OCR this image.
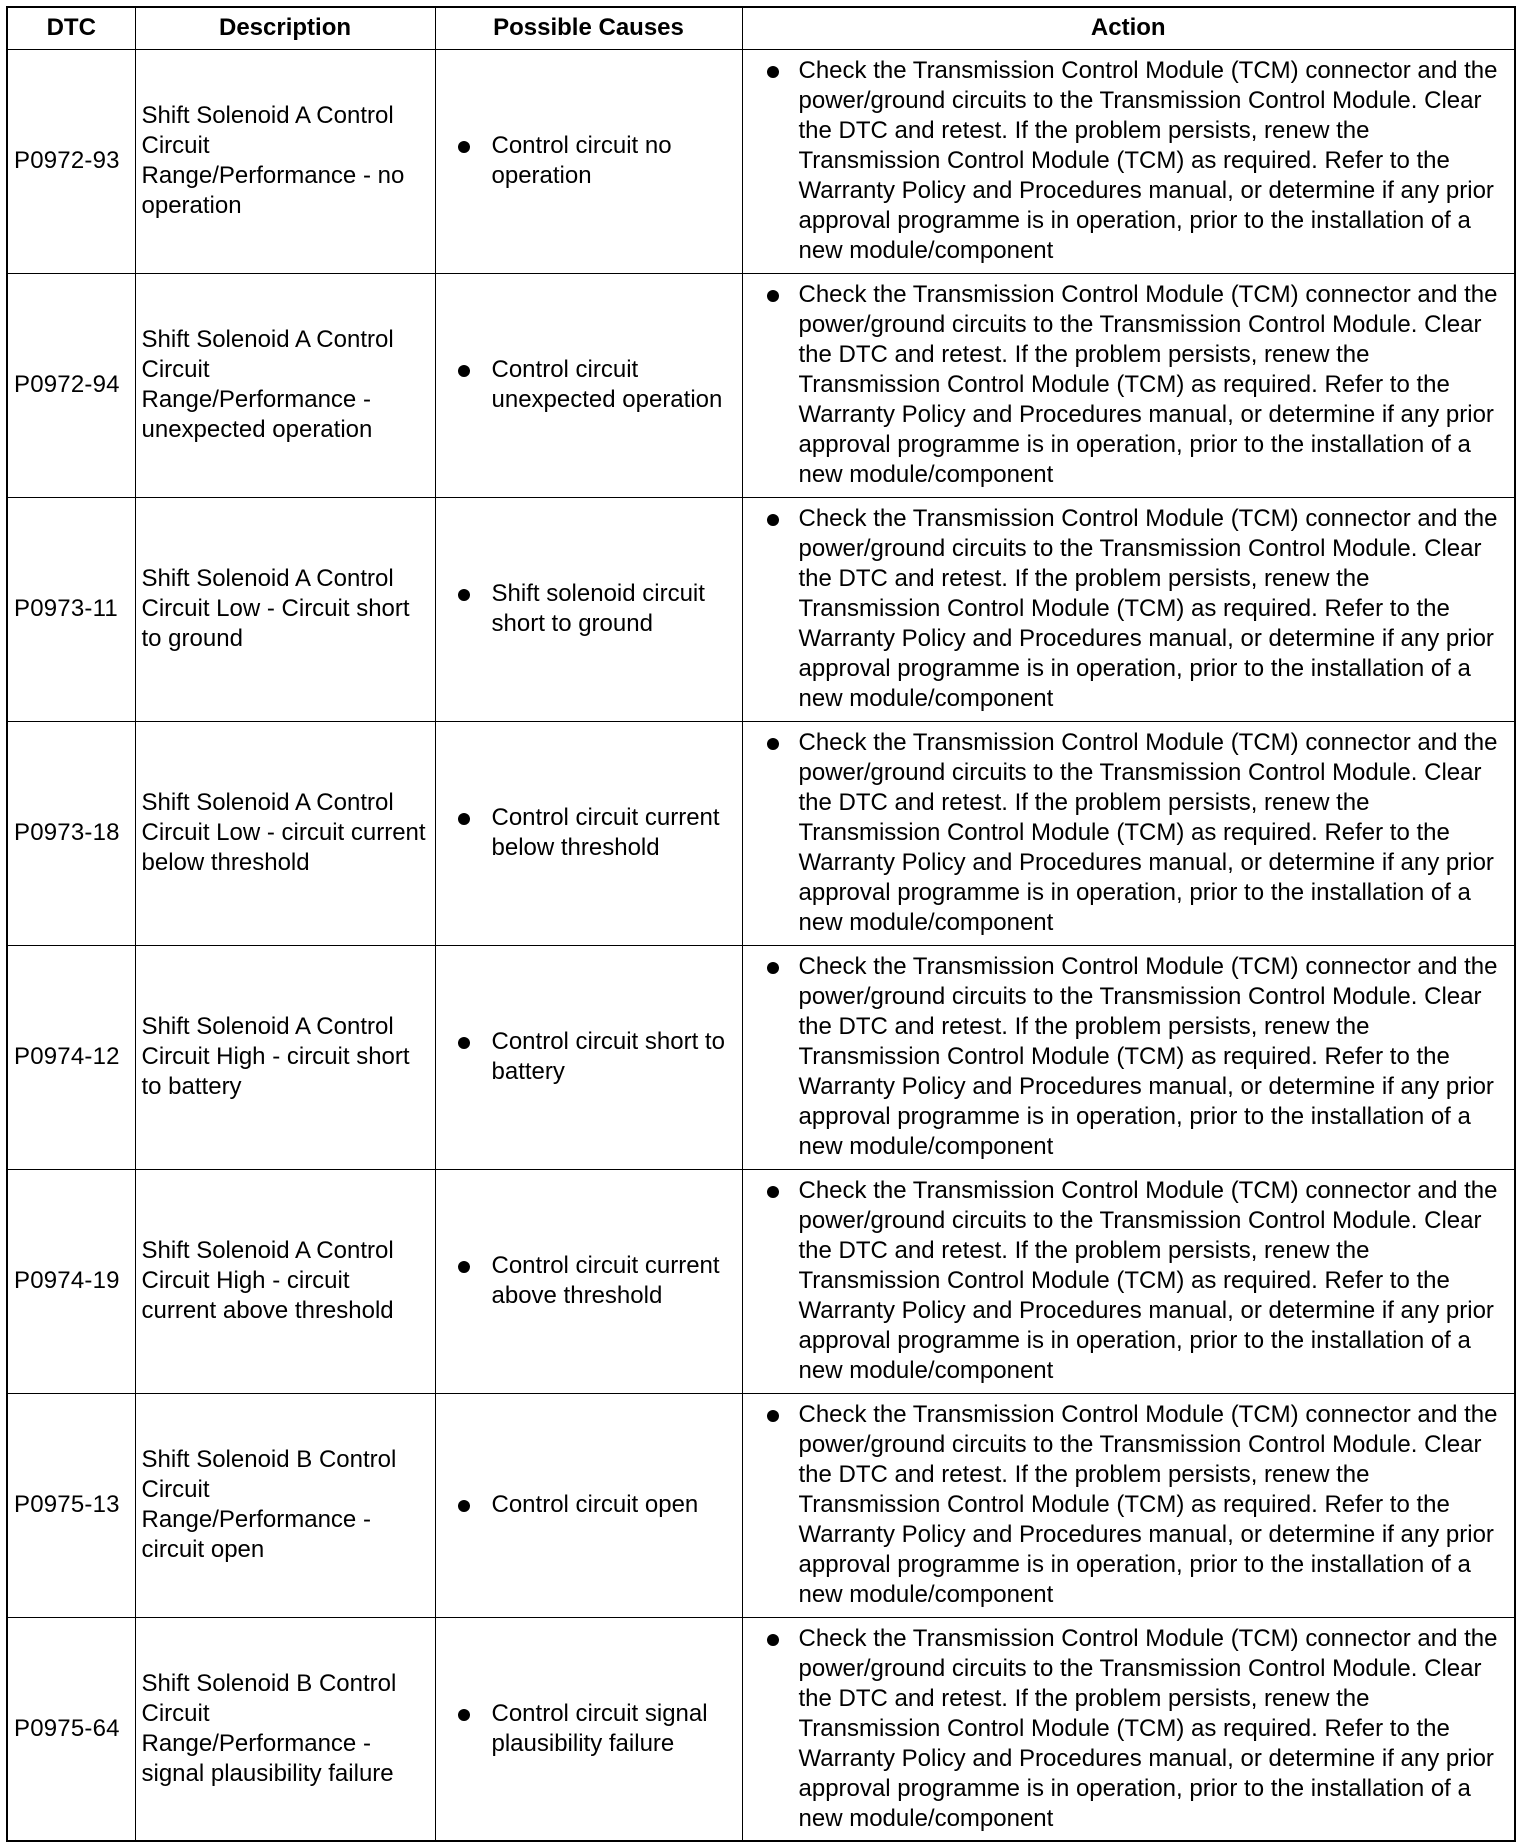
DTC	Description	Possible Causes	Action
P0972-93	Shift Solenoid A Control Circuit Range/Performance - no operation	Control circuit no operation	Check the Transmission Control Module (TCM) connector and the power/ground circuits to the Transmission Control Module. Clear the DTC and retest. If the problem persists, renew the Transmission Control Module (TCM) as required. Refer to the Warranty Policy and Procedures manual, or determine if any prior approval programme is in operation, prior to the installation of a new module/component

P0972-94	Shift Solenoid A Control Circuit Range/Performance - unexpected operation	Control circuit unexpected operation	Check the Transmission Control Module (TCM) connector and the power/ground circuits to the Transmission Control Module. Clear the DTC and retest. If the problem persists, renew the Transmission Control Module (TCM) as required. Refer to the Warranty Policy and Procedures manual, or determine if any prior approval programme is in operation, prior to the installation of a new module/component

P0973-11	Shift Solenoid A Control Circuit Low - Circuit short to ground	Shift solenoid circuit short to ground	Check the Transmission Control Module (TCM) connector and the power/ground circuits to the Transmission Control Module. Clear the DTC and retest. If the problem persists, renew the Transmission Control Module (TCM) as required. Refer to the Warranty Policy and Procedures manual, or determine if any prior approval programme is in operation, prior to the installation of a new module/component

P0973-18	Shift Solenoid A Control Circuit Low - circuit current below threshold	Control circuit current below threshold	Check the Transmission Control Module (TCM) connector and the power/ground circuits to the Transmission Control Module. Clear the DTC and retest. If the problem persists, renew the Transmission Control Module (TCM) as required. Refer to the Warranty Policy and Procedures manual, or determine if any prior approval programme is in operation, prior to the installation of a new module/component

P0974-12	Shift Solenoid A Control Circuit High - circuit short to battery	Control circuit short to battery	Check the Transmission Control Module (TCM) connector and the power/ground circuits to the Transmission Control Module. Clear the DTC and retest. If the problem persists, renew the Transmission Control Module (TCM) as required. Refer to the Warranty Policy and Procedures manual, or determine if any prior approval programme is in operation, prior to the installation of a new module/component

P0974-19	Shift Solenoid A Control Circuit High - circuit current above threshold	Control circuit current above threshold	Check the Transmission Control Module (TCM) connector and the power/ground circuits to the Transmission Control Module. Clear the DTC and retest. If the problem persists, renew the Transmission Control Module (TCM) as required. Refer to the Warranty Policy and Procedures manual, or determine if any prior approval programme is in operation, prior to the installation of a new module/component

P0975-13	Shift Solenoid B Control Circuit Range/Performance - circuit open	Control circuit open	Check the Transmission Control Module (TCM) connector and the power/ground circuits to the Transmission Control Module. Clear the DTC and retest. If the problem persists, renew the Transmission Control Module (TCM) as required. Refer to the Warranty Policy and Procedures manual, or determine if any prior approval programme is in operation, prior to the installation of a new module/component

P0975-64	Shift Solenoid B Control Circuit Range/Performance - signal plausibility failure	Control circuit signal plausibility failure	Check the Transmission Control Module (TCM) connector and the power/ground circuits to the Transmission Control Module. Clear the DTC and retest. If the problem persists, renew the Transmission Control Module (TCM) as required. Refer to the Warranty Policy and Procedures manual, or determine if any prior approval programme is in operation, prior to the installation of a new module/component
